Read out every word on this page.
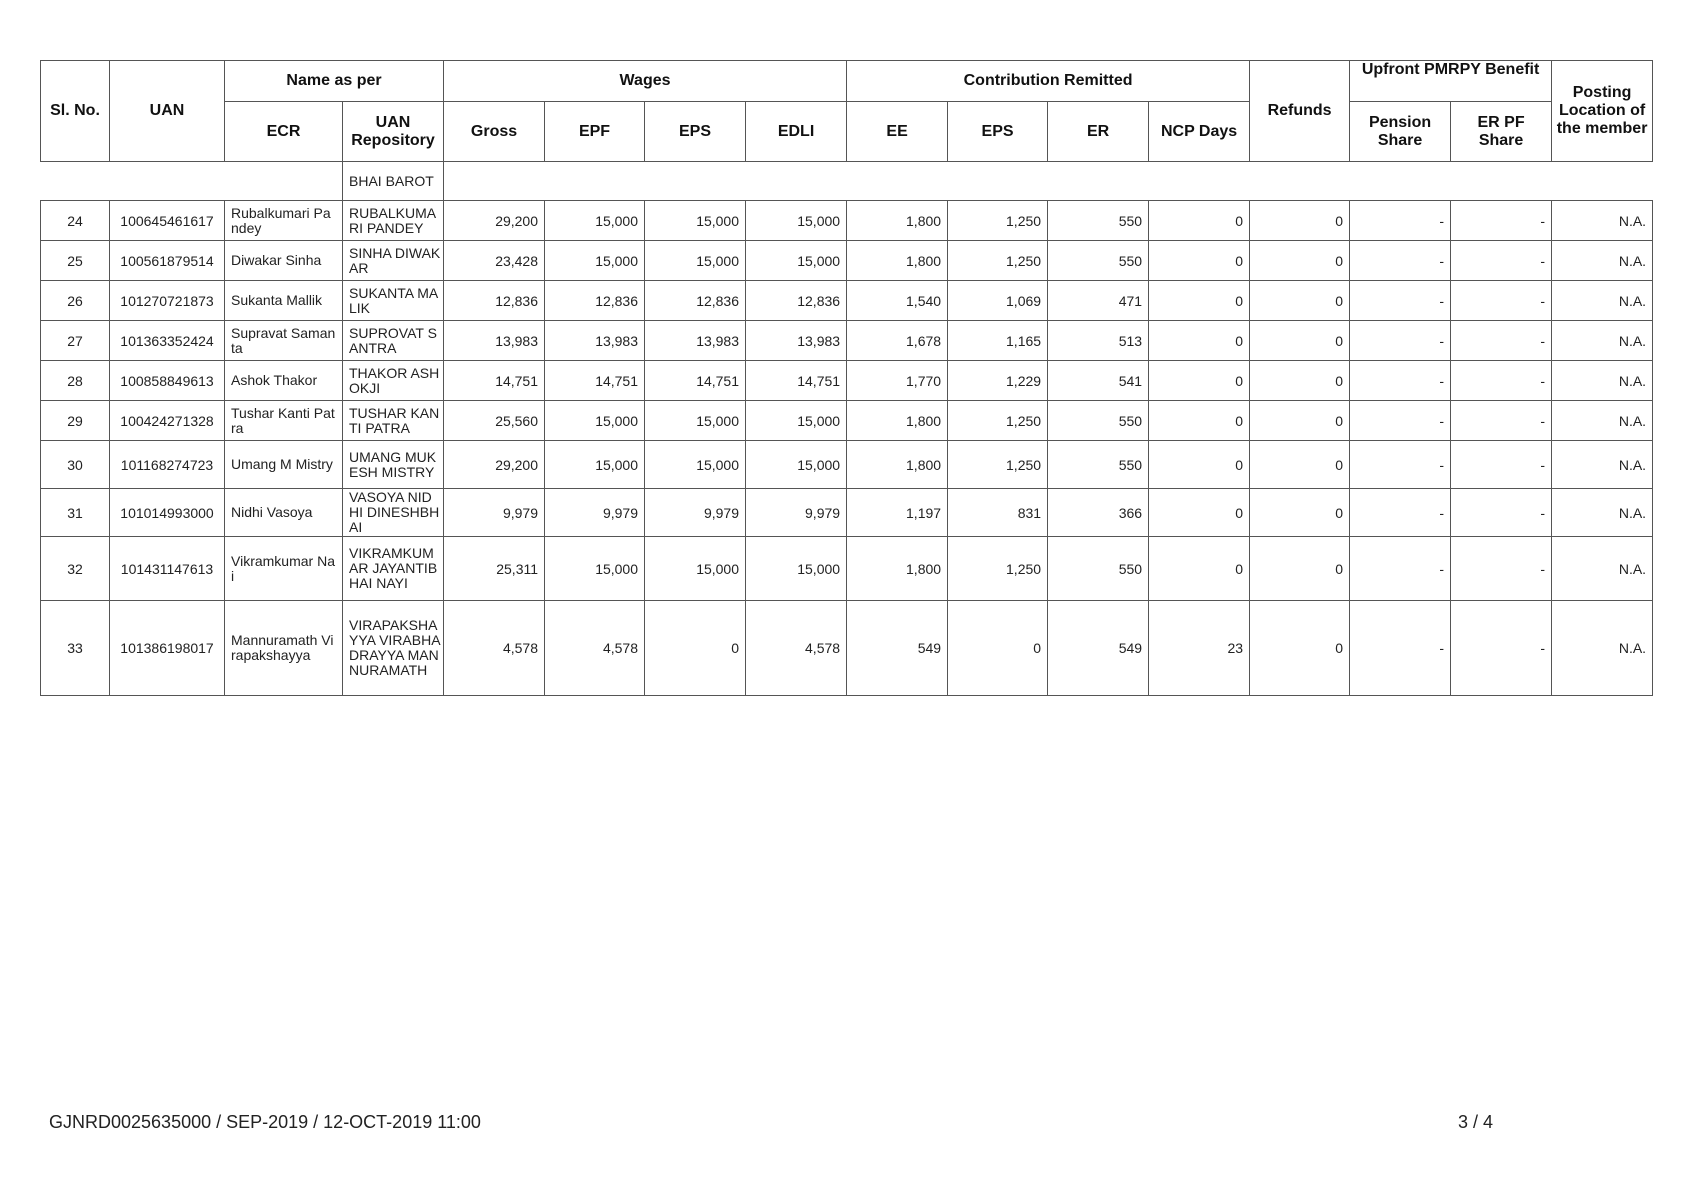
Sl. No.	UAN	Name as per		Wages				Contribution Remitted				Refunds	Upfront PMRPY Benefit		Posting Location of the member
		ECR	UAN Repository	Gross	EPF	EPS	EDLI	EE	EPS	ER	NCP Days		Pension Share	ER PF Share	
			BHAI BAROT												
24	100645461617	Rubalkumari Pandey	RUBALKUMARI PANDEY	29,200	15,000	15,000	15,000	1,800	1,250	550	0	0	-	-	N.A.
25	100561879514	Diwakar Sinha	SINHA DIWAKAR	23,428	15,000	15,000	15,000	1,800	1,250	550	0	0	-	-	N.A.
26	101270721873	Sukanta Mallik	SUKANTA MALIK	12,836	12,836	12,836	12,836	1,540	1,069	471	0	0	-	-	N.A.
27	101363352424	Supravat Samanta	SUPROVAT SANTRA	13,983	13,983	13,983	13,983	1,678	1,165	513	0	0	-	-	N.A.
28	100858849613	Ashok Thakor	THAKOR ASHOKJI	14,751	14,751	14,751	14,751	1,770	1,229	541	0	0	-	-	N.A.
29	100424271328	Tushar Kanti Patra	TUSHAR KANTI PATRA	25,560	15,000	15,000	15,000	1,800	1,250	550	0	0	-	-	N.A.
30	101168274723	Umang M Mistry	UMANG MUKESH MISTRY	29,200	15,000	15,000	15,000	1,800	1,250	550	0	0	-	-	N.A.
31	101014993000	Nidhi Vasoya	VASOYA NIDHI DINESHBHAI	9,979	9,979	9,979	9,979	1,197	831	366	0	0	-	-	N.A.
32	101431147613	Vikramkumar Nai	VIKRAMKUMAR JAYANTIBHAI NAYI	25,311	15,000	15,000	15,000	1,800	1,250	550	0	0	-	-	N.A.
33	101386198017	Mannuramath Virapakshayya	VIRAPAKSHAYYA VIRABHADRAYYA MANNURAMATH	4,578	4,578	0	4,578	549	0	549	23	0	-	-	N.A.
GJNRD0025635000 / SEP-2019 / 12-OCT-2019 11:00	3 / 4
